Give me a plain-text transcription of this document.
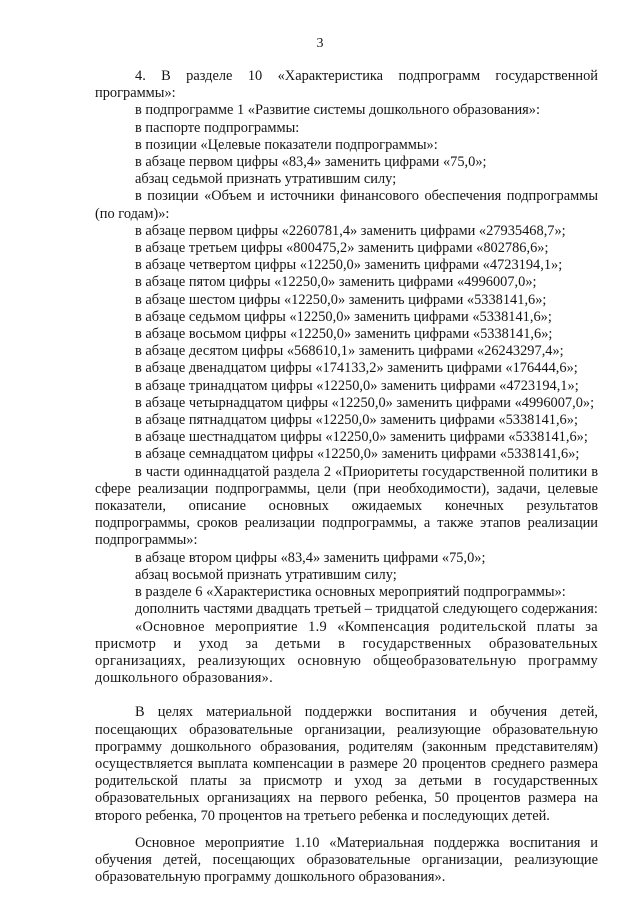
3

4. В разделе 10 «Характеристика подпрограмм государственной программы»:

в подпрограмме 1 «Развитие системы дошкольного образования»:

в паспорте подпрограммы:

в позиции «Целевые показатели подпрограммы»:

в абзаце первом цифры «83,4» заменить цифрами «75,0»;

абзац седьмой признать утратившим силу;

в позиции «Объем и источники финансового обеспечения подпрограммы (по годам)»:

в абзаце первом цифры «2260781,4» заменить цифрами «27935468,7»;

в абзаце третьем цифры «800475,2» заменить цифрами «802786,6»;

в абзаце четвертом цифры «12250,0» заменить цифрами «4723194,1»;

в абзаце пятом цифры «12250,0» заменить цифрами «4996007,0»;

в абзаце шестом цифры «12250,0» заменить цифрами «5338141,6»;

в абзаце седьмом цифры «12250,0» заменить цифрами «5338141,6»;

в абзаце восьмом цифры «12250,0» заменить цифрами «5338141,6»;

в абзаце десятом цифры «568610,1» заменить цифрами «26243297,4»;

в абзаце двенадцатом цифры «174133,2» заменить цифрами «176444,6»;

в абзаце тринадцатом цифры «12250,0» заменить цифрами «4723194,1»;

в абзаце четырнадцатом цифры «12250,0» заменить цифрами «4996007,0»;

в абзаце пятнадцатом цифры «12250,0» заменить цифрами «5338141,6»;

в абзаце шестнадцатом цифры «12250,0» заменить цифрами «5338141,6»;

в абзаце семнадцатом цифры «12250,0» заменить цифрами «5338141,6»;

в части одиннадцатой раздела 2 «Приоритеты государственной политики в сфере реализации подпрограммы, цели (при необходимости), задачи, целевые показатели, описание основных ожидаемых конечных результатов подпрограммы, сроков реализации подпрограммы, а также этапов реализации подпрограммы»:

в абзаце втором цифры «83,4» заменить цифрами «75,0»;

абзац восьмой признать утратившим силу;

в разделе 6 «Характеристика основных мероприятий подпрограммы»:

дополнить частями двадцать третьей – тридцатой следующего содержания:

«Основное мероприятие 1.9 «Компенсация родительской платы за присмотр и уход за детьми в государственных образовательных организациях, реализующих основную общеобразовательную программу дошкольного образования».

В целях материальной поддержки воспитания и обучения детей, посещающих образовательные организации, реализующие образовательную программу дошкольного образования, родителям (законным представителям) осуществляется выплата компенсации в размере 20 процентов среднего размера родительской платы за присмотр и уход за детьми в государственных образовательных организациях на первого ребенка, 50 процентов размера на второго ребенка, 70 процентов на третьего ребенка и последующих детей.

Основное мероприятие 1.10 «Материальная поддержка воспитания и обучения детей, посещающих образовательные организации, реализующие образовательную программу дошкольного образования».
